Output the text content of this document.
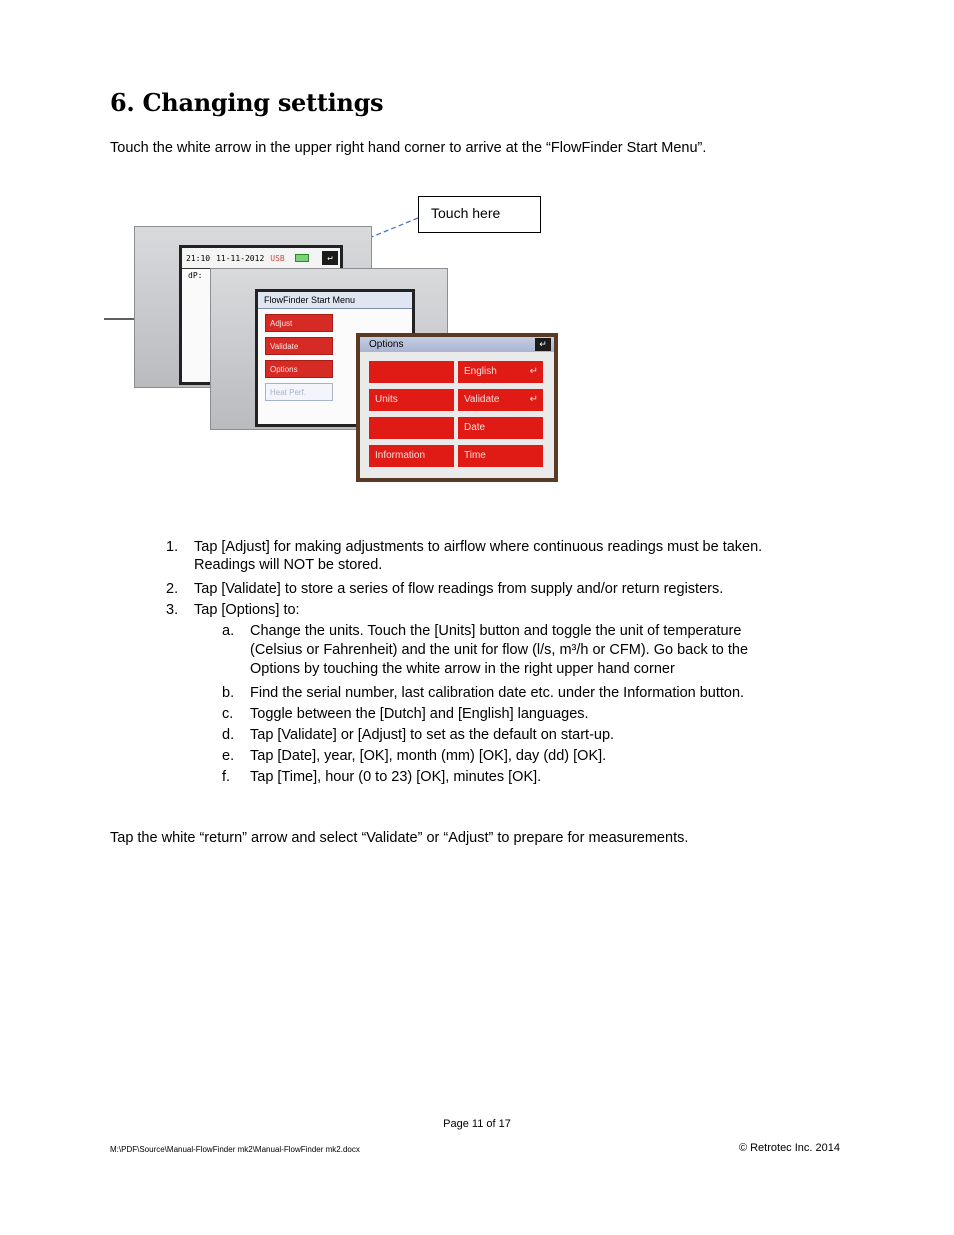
6. Changing settings

Touch the white arrow in the upper right hand corner to arrive at the “FlowFinder Start Menu”.

Touch here
21:10 11-11-2012 USB	↵
dP:
FlowFinder Start Menu
Adjust
Validate
Options
Heat Perf.
Options	↵
English	↵
Units	Validate	↵
Date
Information	Time
1. Tap [Adjust] for making adjustments to airflow where continuous readings must be taken.
Readings will NOT be stored.
2. Tap [Validate] to store a series of flow readings from supply and/or return registers.
3. Tap [Options] to:
a. Change the units. Touch the [Units] button and toggle the unit of temperature
(Celsius or Fahrenheit) and the unit for flow (l/s, m³/h or CFM). Go back to the
Options by touching the white arrow in the right upper hand corner
b. Find the serial number, last calibration date etc. under the Information button.
c. Toggle between the [Dutch] and [English] languages.
d. Tap [Validate] or [Adjust] to set as the default on start-up.
e. Tap [Date], year, [OK], month (mm) [OK], day (dd) [OK].
f. Tap [Time], hour (0 to 23) [OK], minutes [OK].

Tap the white “return” arrow and select “Validate” or “Adjust” to prepare for measurements.

Page 11 of 17
M:\PDF\Source\Manual-FlowFinder mk2\Manual-FlowFinder mk2.docx	© Retrotec Inc. 2014
